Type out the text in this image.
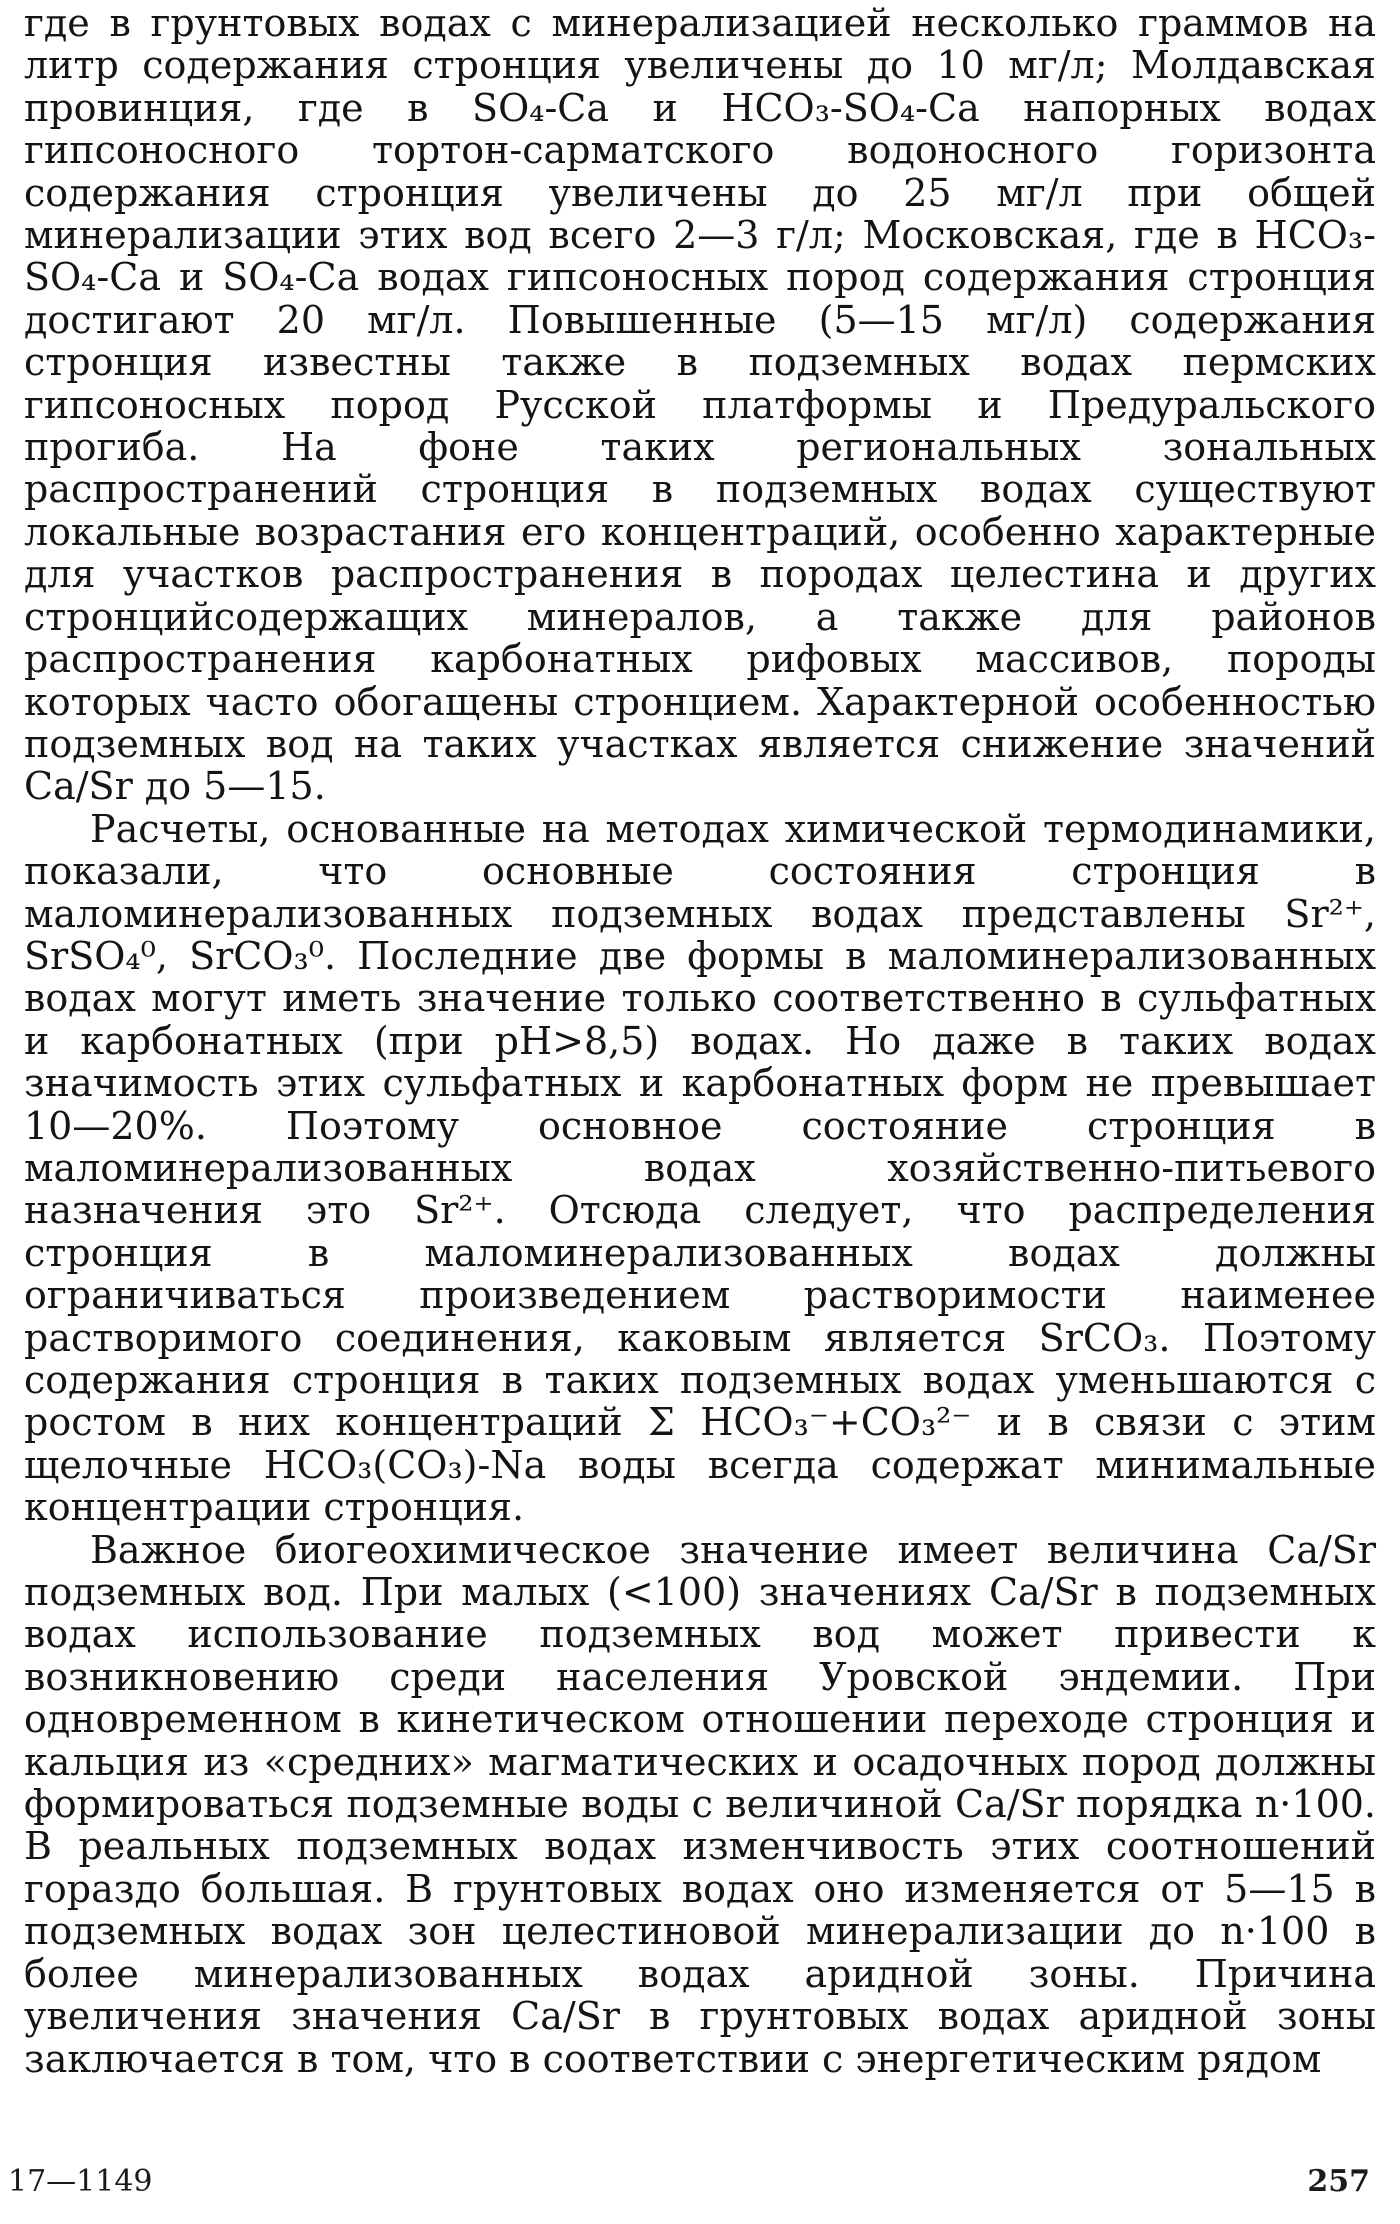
где в грунтовых водах с минерализацией несколько граммов на литр содержания стронция увеличены до 10 мг/л; Молдавская провинция, где в SO₄-Ca и HCO₃-SO₄-Ca напорных водах гипсоносного тортон-сарматского водоносного горизонта содержания стронция увеличены до 25 мг/л при общей минерализации этих вод всего 2—3 г/л; Московская, где в HCO₃-SO₄-Ca и SO₄-Ca водах гипсоносных пород содержания стронция достигают 20 мг/л. Повышенные (5—15 мг/л) содержания стронция известны также в подземных водах пермских гипсоносных пород Русской платформы и Предуральского прогиба. На фоне таких региональных зональных распространений стронция в подземных водах существуют локальные возрастания его концентраций, особенно характерные для участков распространения в породах целестина и других стронцийсодержащих минералов, а также для районов распространения карбонатных рифовых массивов, породы которых часто обогащены стронцием. Характерной особенностью подземных вод на таких участках является снижение значений Ca/Sr до 5—15.

Расчеты, основанные на методах химической термодинамики, показали, что основные состояния стронция в маломинерализованных подземных водах представлены Sr²⁺, SrSO₄⁰, SrCO₃⁰. Последние две формы в маломинерализованных водах могут иметь значение только соответственно в сульфатных и карбонатных (при pH>8,5) водах. Но даже в таких водах значимость этих сульфатных и карбонатных форм не превышает 10—20%. Поэтому основное состояние стронция в маломинерализованных водах хозяйственно-питьевого назначения это Sr²⁺. Отсюда следует, что распределения стронция в маломинерализованных водах должны ограничиваться произведением растворимости наименее растворимого соединения, каковым является SrCO₃. Поэтому содержания стронция в таких подземных водах уменьшаются с ростом в них концентраций Σ HCO₃⁻+CO₃²⁻ и в связи с этим щелочные HCO₃(CO₃)-Na воды всегда содержат минимальные концентрации стронция.

Важное биогеохимическое значение имеет величина Ca/Sr подземных вод. При малых (<100) значениях Ca/Sr в подземных водах использование подземных вод может привести к возникновению среди населения Уровской эндемии. При одновременном в кинетическом отношении переходе стронция и кальция из «средних» магматических и осадочных пород должны формироваться подземные воды с величиной Ca/Sr порядка n·100. В реальных подземных водах изменчивость этих соотношений гораздо большая. В грунтовых водах оно изменяется от 5—15 в подземных водах зон целестиновой минерализации до n·100 в более минерализованных водах аридной зоны. Причина увеличения значения Ca/Sr в грунтовых водах аридной зоны заключается в том, что в соответствии с энергетическим рядом

17—1149	257
